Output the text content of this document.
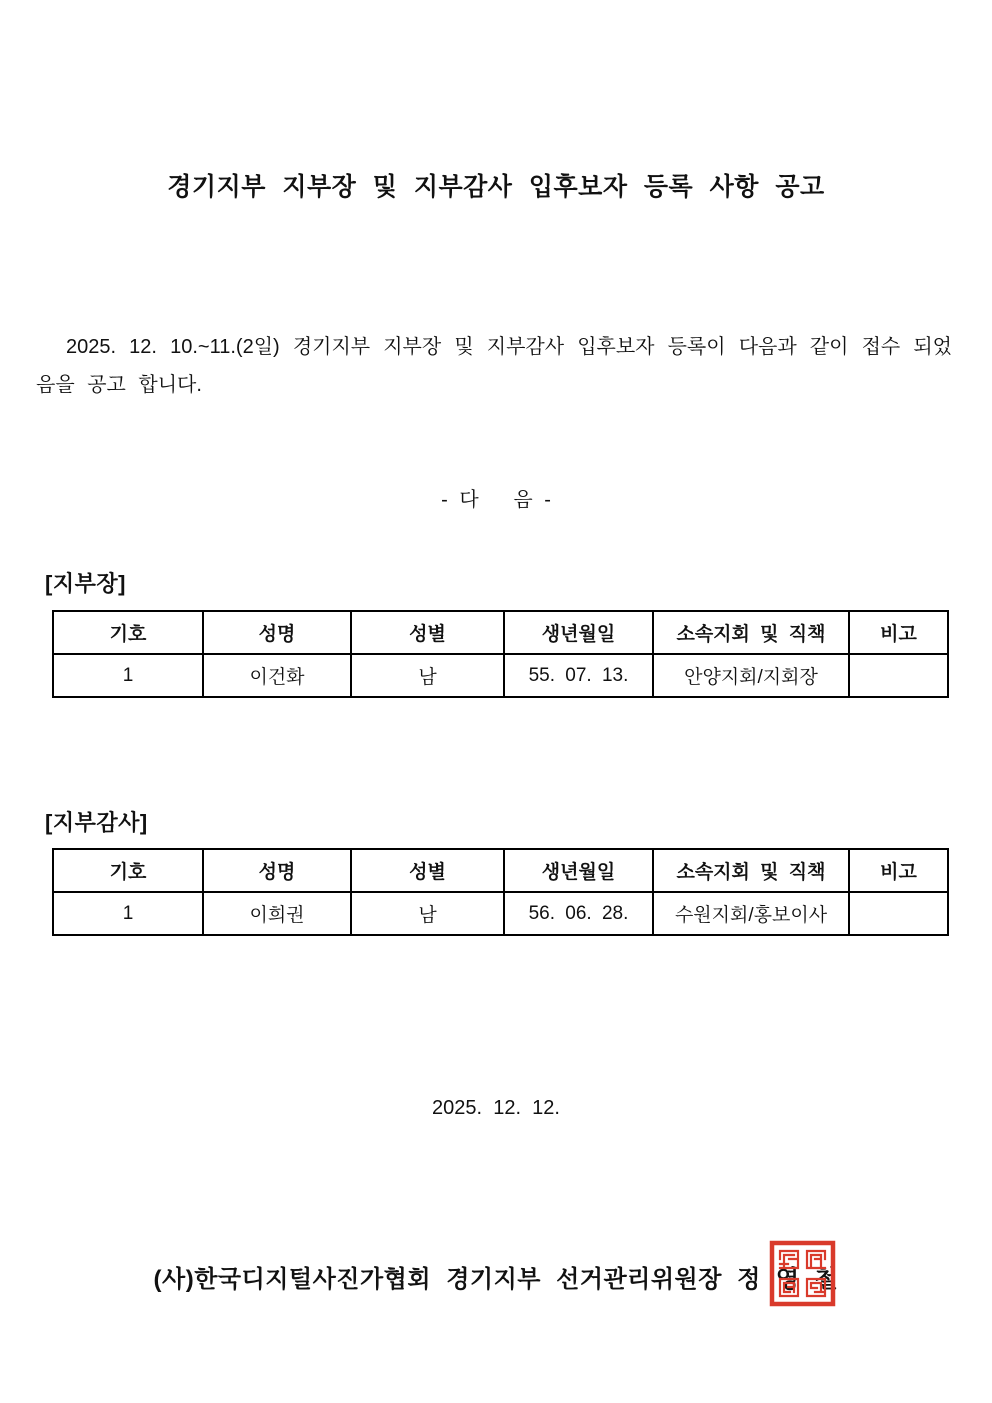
경기지부 지부장 및 지부감사 입후보자 등록 사항 공고

2025. 12. 10.~11.(2일) 경기지부 지부장 및 지부감사 입후보자 등록이 다음과 같이 접수 되었음을 공고 합니다.

- 다   음 -
[지부장]
기호	성명	성별	생년월일	소속지회 및 직책	비고
1	이건화	남	55. 07. 13.	안양지회/지회장	
[지부감사]
기호	성명	성별	생년월일	소속지회 및 직책	비고
1	이희권	남	56. 06. 28.	수원지회/홍보이사	
2025.  12.  12.
(사)한국디지털사진가협회 경기지부 선거관리위원장 정 영 철
